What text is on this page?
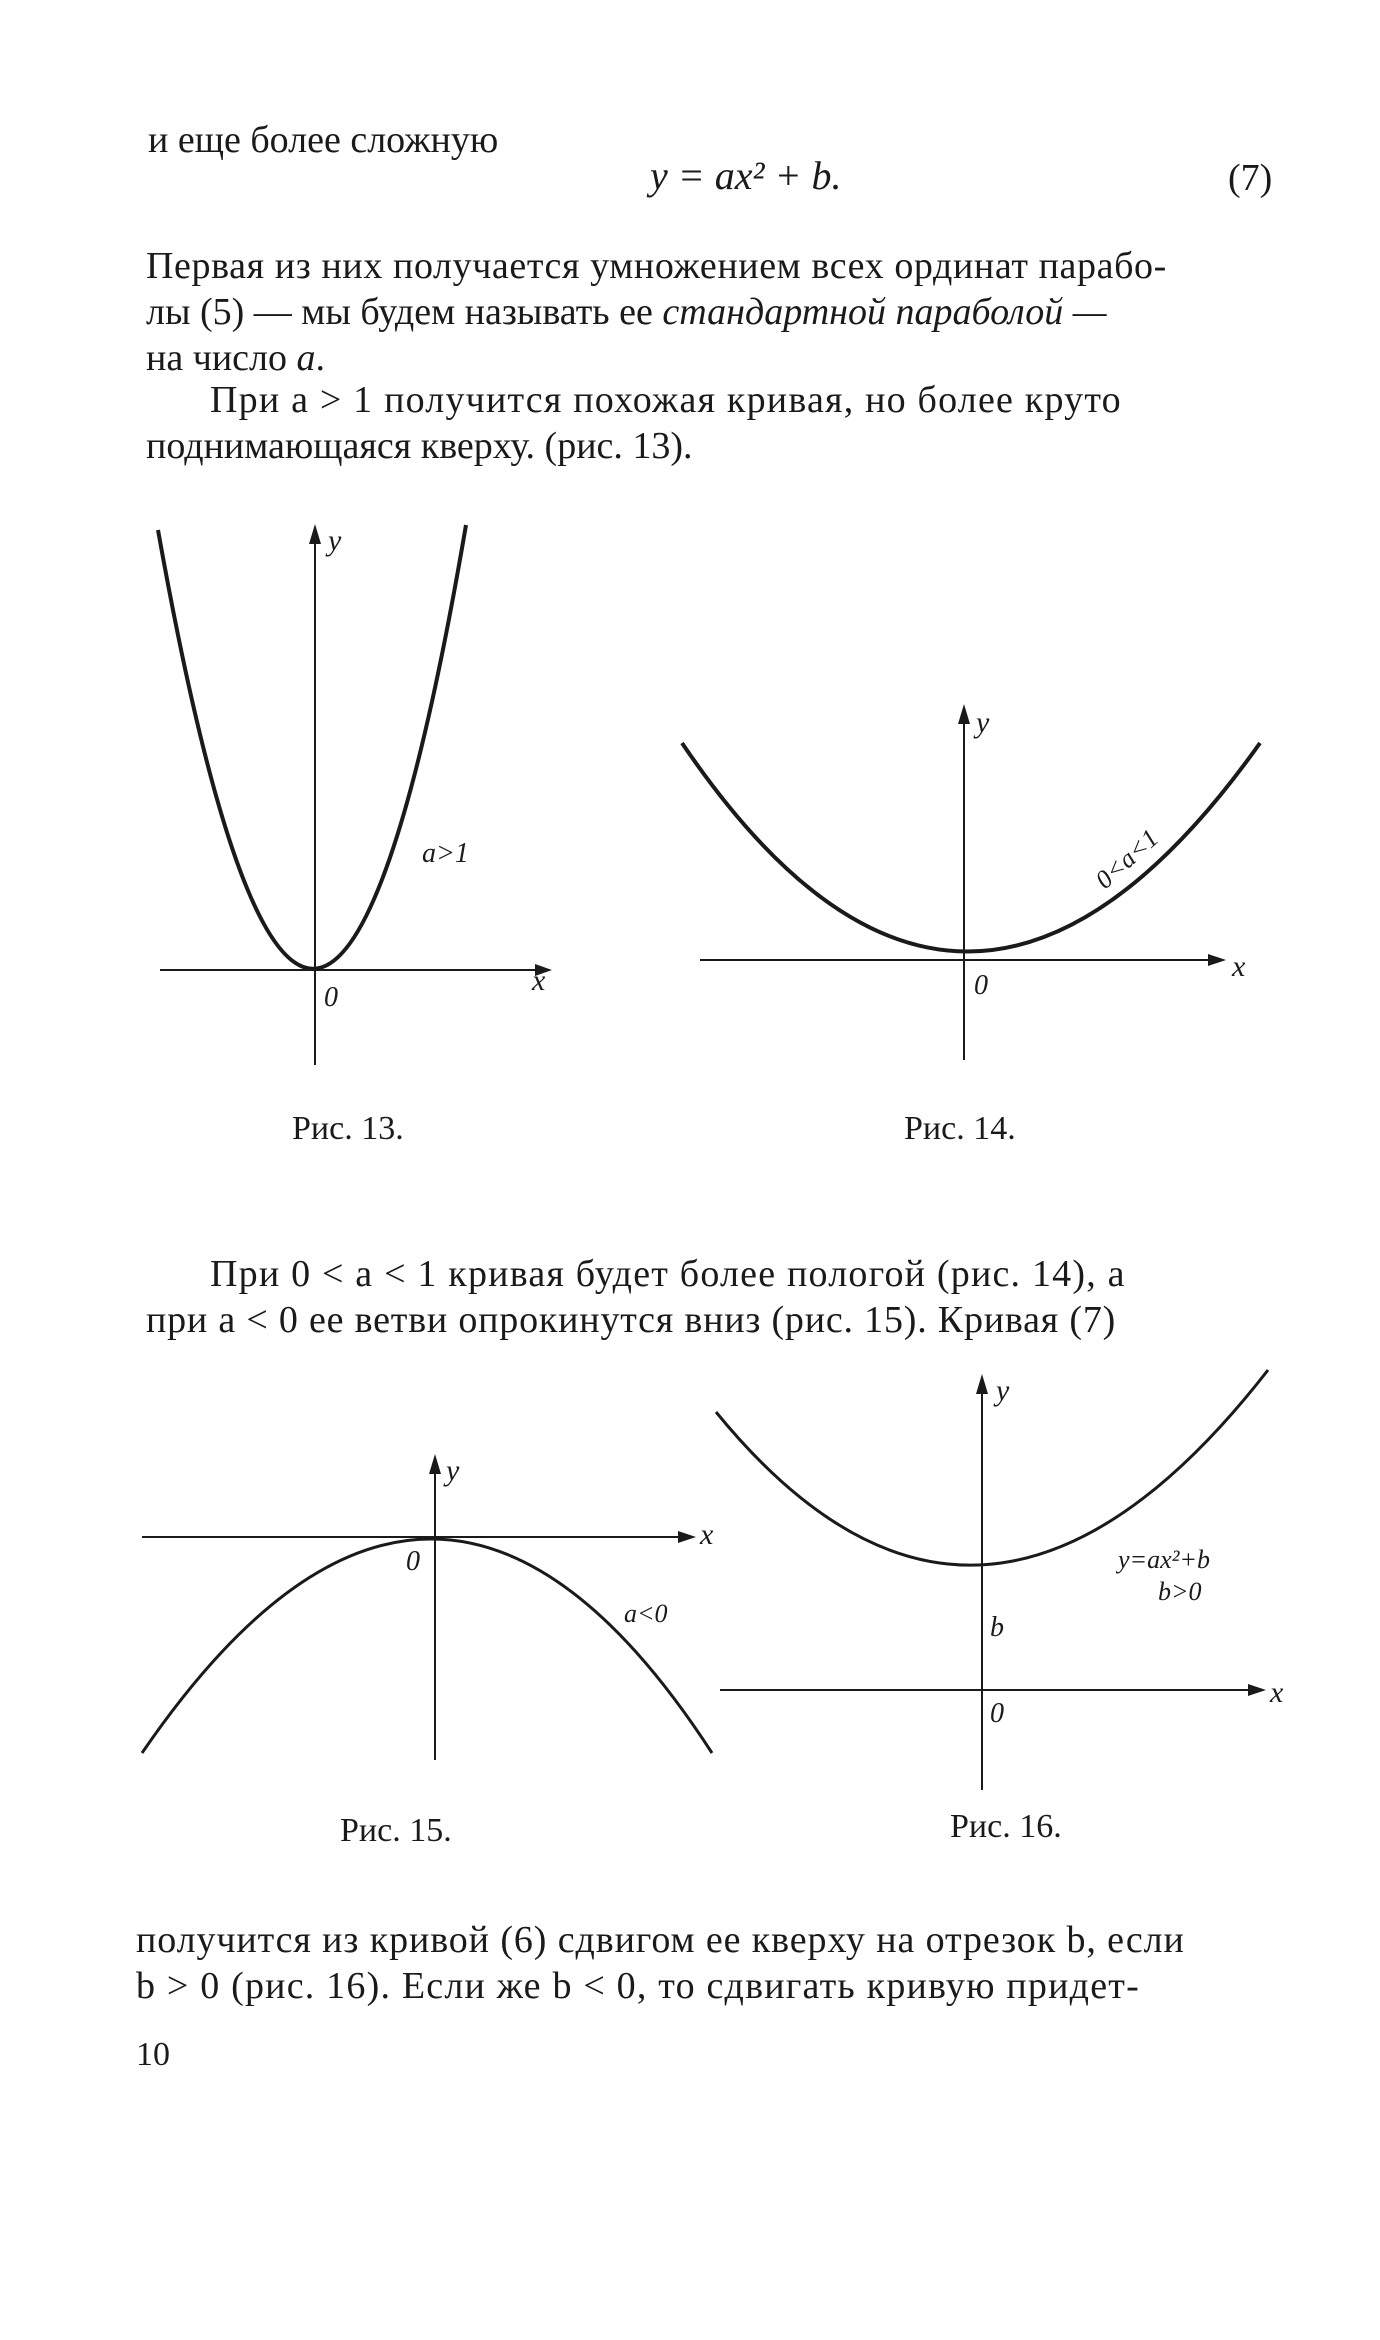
и еще более сложную
y = ax² + b.	(7)
Первая из них получается умножением всех ординат парабо-
лы (5) — мы будем называть ее стандартной параболой —
на число a.
При a > 1 получится похожая кривая, но более круто
поднимающаяся кверху. (рис. 13).
y
x
0
a>1
Рис. 13.
y
x
0
0<a<1
Рис. 14.
При 0 < a < 1 кривая будет более пологой (рис. 14), а
при a < 0 ее ветви опрокинутся вниз (рис. 15). Кривая (7)
y
x
0
a<0
Рис. 15.
y
x
0
b
y=ax²+b
b>0
Рис. 16.
получится из кривой (6) сдвигом ее кверху на отрезок b, если
b > 0 (рис. 16). Если же b < 0, то сдвигать кривую придет-
10
